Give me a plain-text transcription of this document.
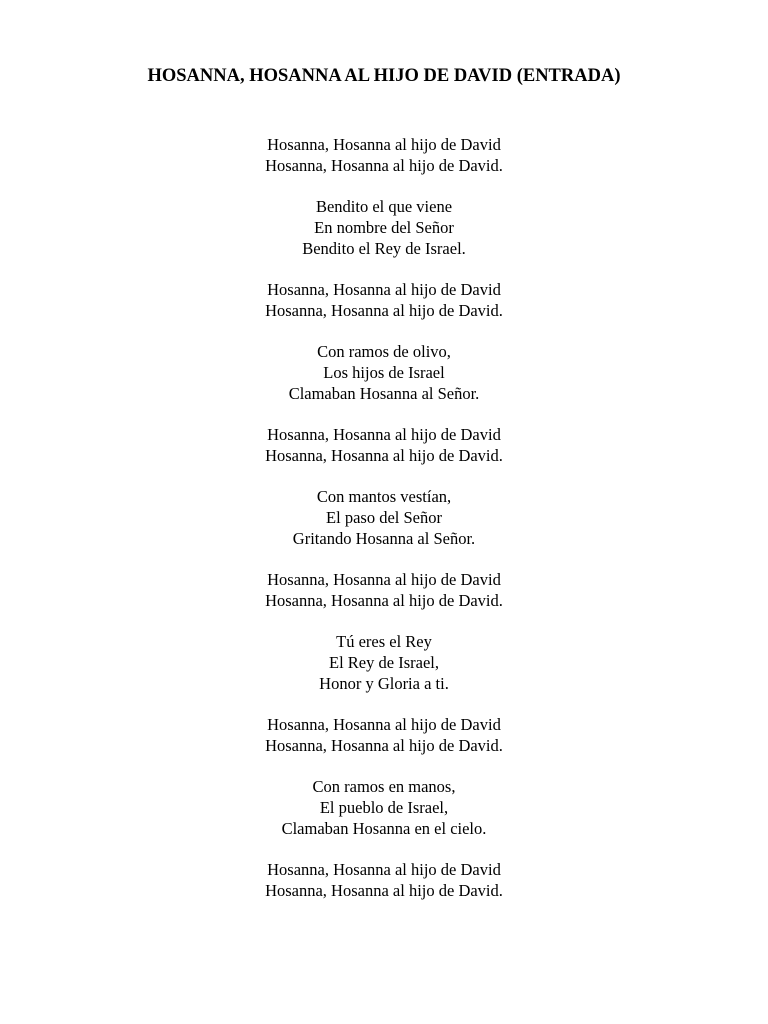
HOSANNA, HOSANNA AL HIJO DE DAVID (ENTRADA)
Hosanna, Hosanna al hijo de David
Hosanna, Hosanna al hijo de David.
Bendito el que viene
En nombre del Señor
Bendito el Rey de Israel.
Hosanna, Hosanna al hijo de David
Hosanna, Hosanna al hijo de David.
Con ramos de olivo,
Los hijos de Israel
Clamaban Hosanna al Señor.
Hosanna, Hosanna al hijo de David
Hosanna, Hosanna al hijo de David.
Con mantos vestían,
El paso del Señor
Gritando Hosanna al Señor.
Hosanna, Hosanna al hijo de David
Hosanna, Hosanna al hijo de David.
Tú eres el Rey
El Rey de Israel,
Honor y Gloria a ti.
Hosanna, Hosanna al hijo de David
Hosanna, Hosanna al hijo de David.
Con ramos en manos,
El pueblo de Israel,
Clamaban Hosanna en el cielo.
Hosanna, Hosanna al hijo de David
Hosanna, Hosanna al hijo de David.
